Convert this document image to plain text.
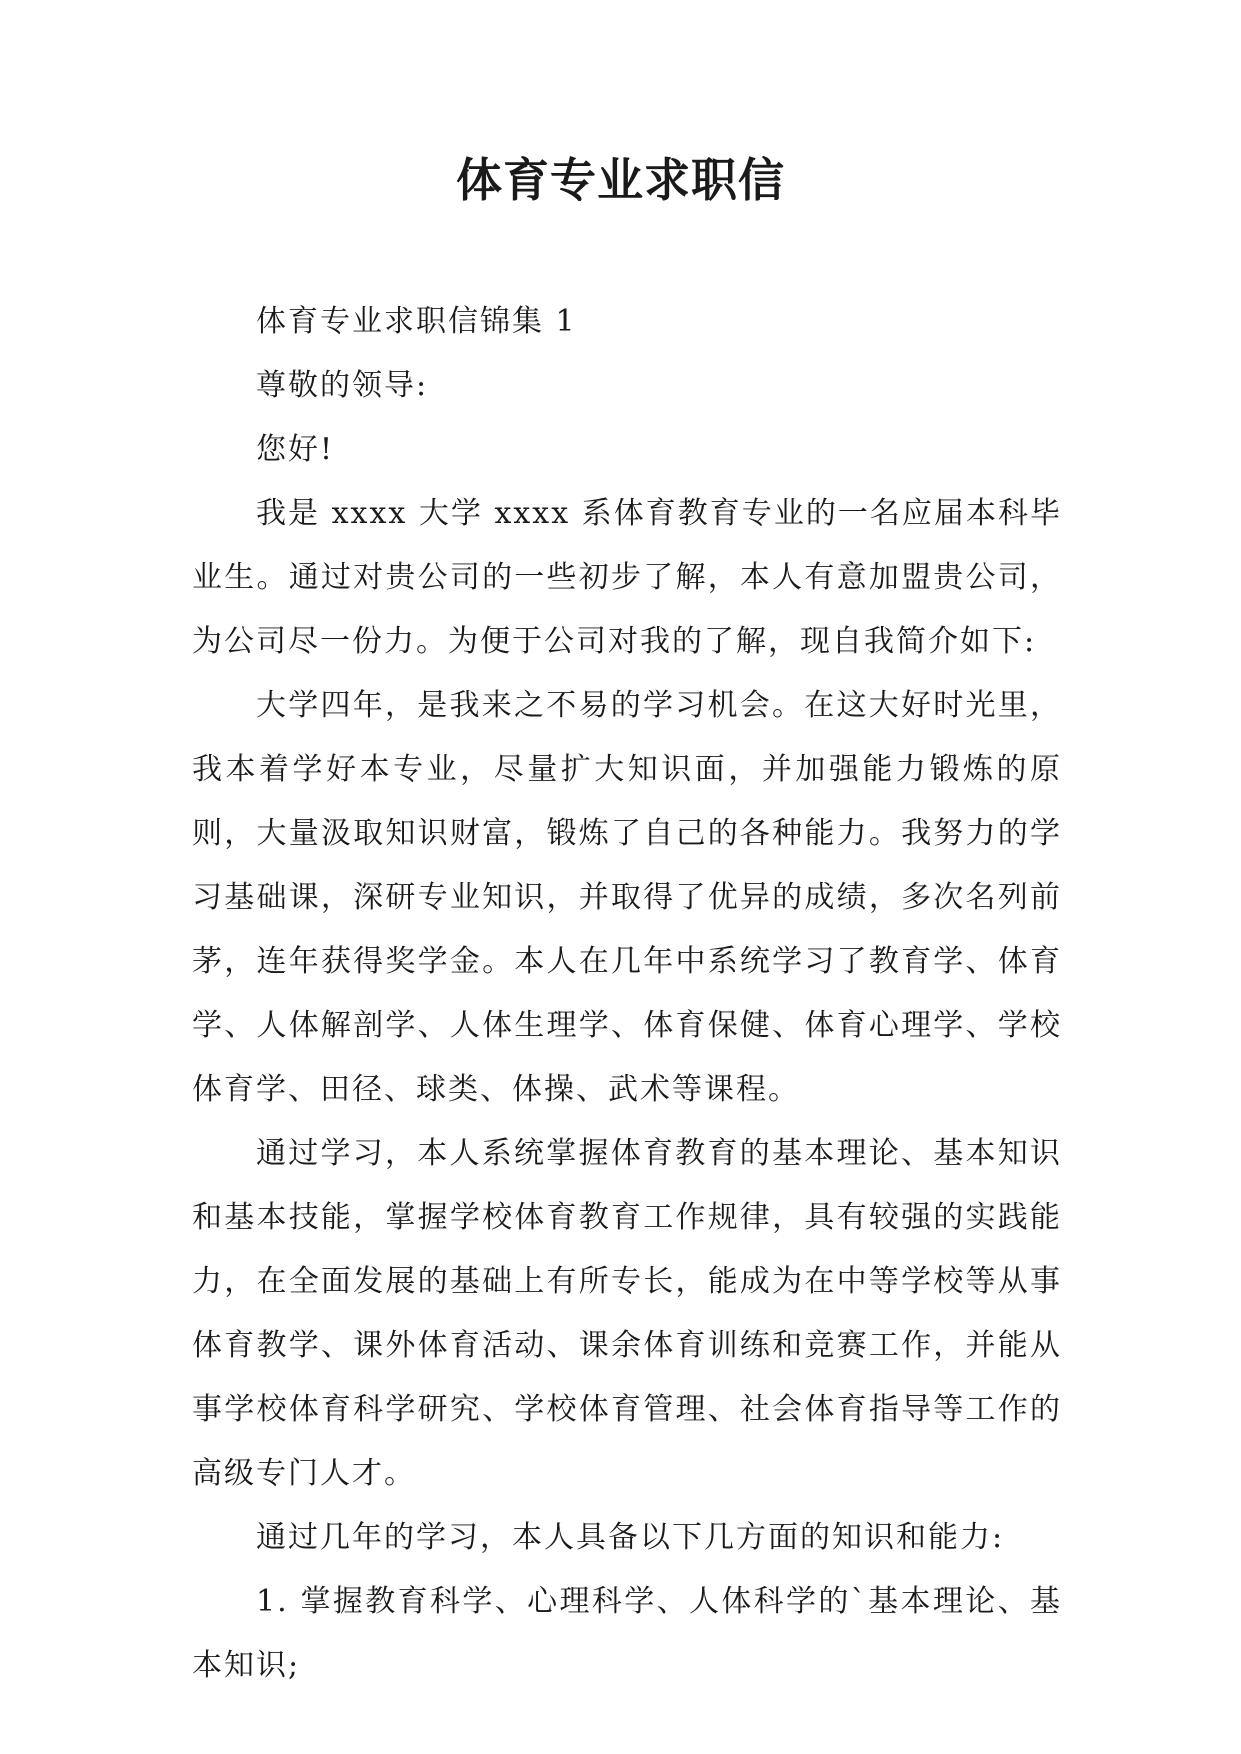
体育专业求职信

体育专业求职信锦集 1

尊敬的领导:

您好!

我是 xxxx 大学 xxxx 系体育教育专业的一名应届本科毕业生。通过对贵公司的一些初步了解，本人有意加盟贵公司，为公司尽一份力。为便于公司对我的了解，现自我简介如下:

大学四年，是我来之不易的学习机会。在这大好时光里，我本着学好本专业，尽量扩大知识面，并加强能力锻炼的原则，大量汲取知识财富，锻炼了自己的各种能力。我努力的学习基础课，深研专业知识，并取得了优异的成绩，多次名列前茅，连年获得奖学金。本人在几年中系统学习了教育学、体育学、人体解剖学、人体生理学、体育保健、体育心理学、学校体育学、田径、球类、体操、武术等课程。

通过学习，本人系统掌握体育教育的基本理论、基本知识和基本技能，掌握学校体育教育工作规律，具有较强的实践能力，在全面发展的基础上有所专长，能成为在中等学校等从事体育教学、课外体育活动、课余体育训练和竞赛工作，并能从事学校体育科学研究、学校体育管理、社会体育指导等工作的高级专门人才。

通过几年的学习，本人具备以下几方面的知识和能力:

1. 掌握教育科学、心理科学、人体科学的`基本理论、基本知识;
